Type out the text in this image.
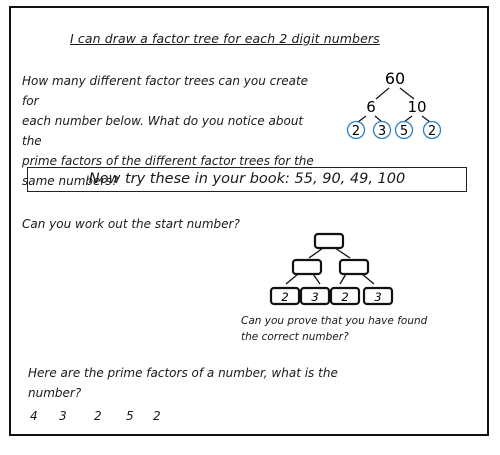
I can draw a factor tree for each 2 digit numbers
How many different factor trees can you create for
each number below. What do you notice about the
prime factors of the different factor trees for the
same numbers?
60
6 10
2 3 5 2
Now try these in your book: 55, 90, 49, 100
Can you work out the start number?
2 3 2 3
Can you prove that you have found
the correct number?
Here are the prime factors of a number, what is the
number?
4 3 2 5 2
